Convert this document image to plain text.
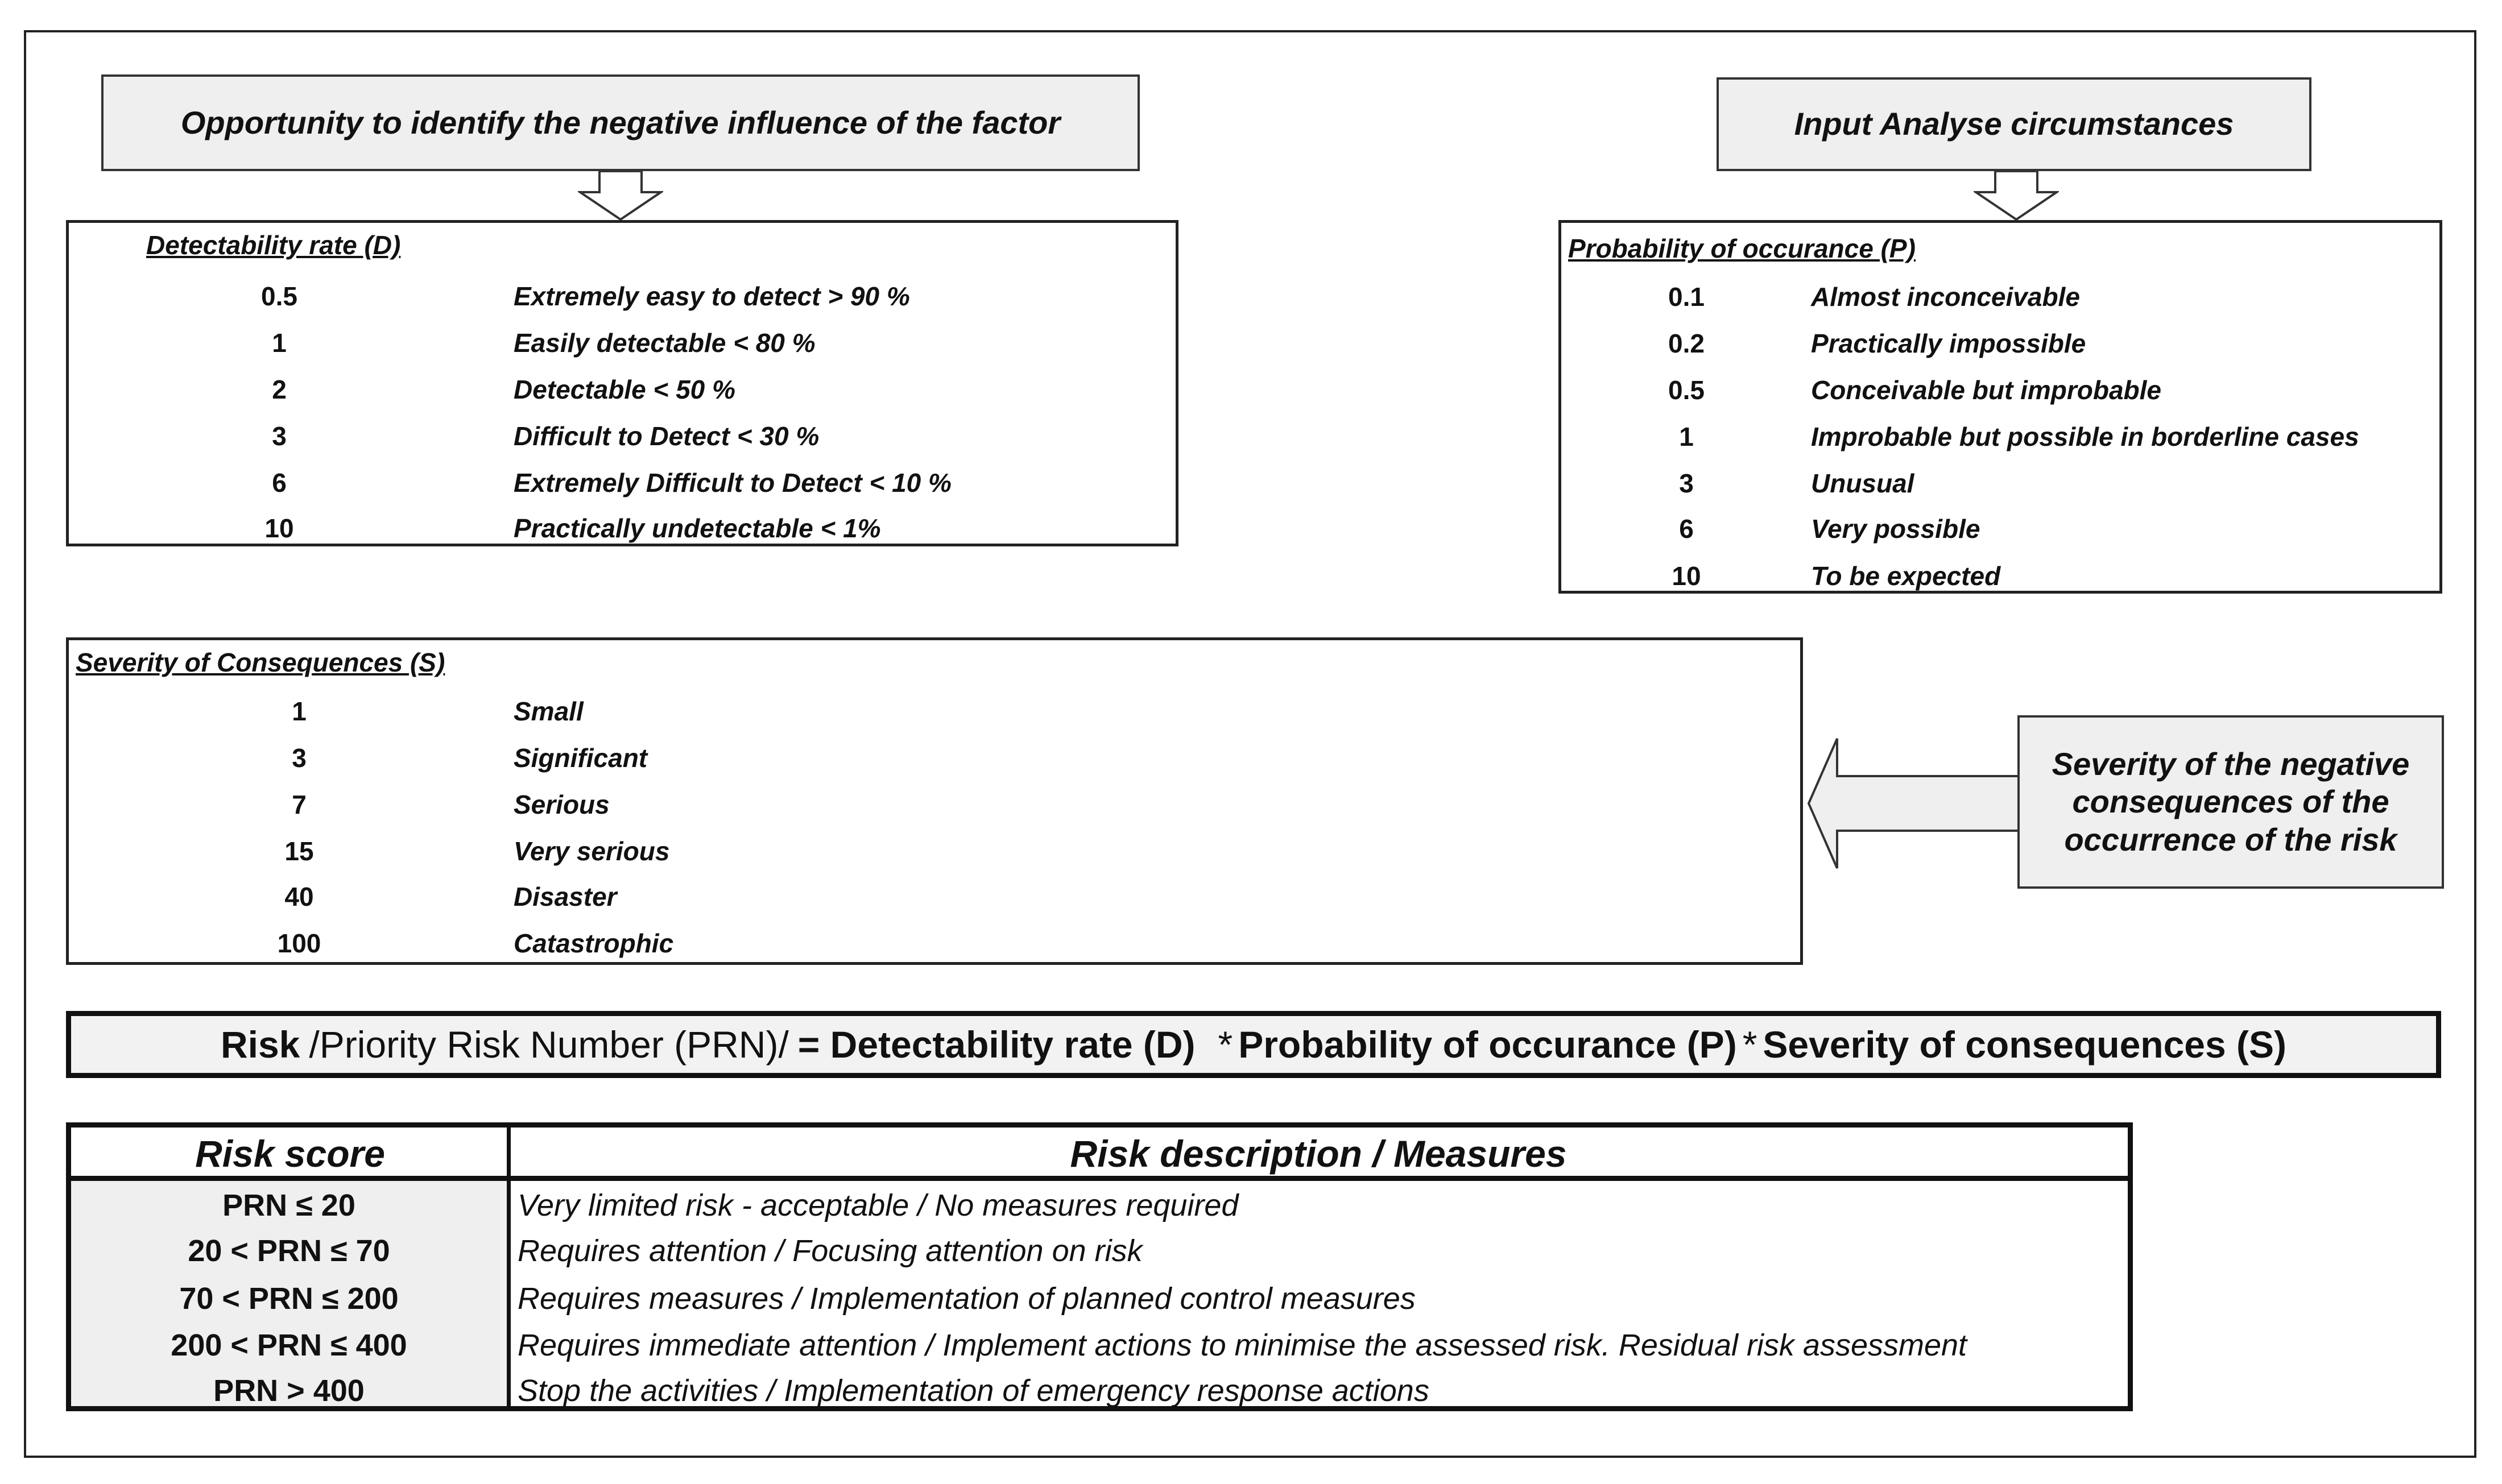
Opportunity to identify the negative influence of the factor	Input Analyse circumstances
Detectability rate (D)
0.5	Extremely easy to detect > 90 %
1	Easily detectable < 80 %
2	Detectable < 50 %
3	Difficult to Detect < 30 %
6	Extremely Difficult to Detect < 10 %
10	Practically undetectable < 1%
Probability of occurance (P)
0.1	Almost inconceivable
0.2	Practically impossible
0.5	Conceivable but improbable
1	Improbable but possible in borderline cases
3	Unusual
6	Very possible
10	To be expected
Severity of Consequences (S)
1	Small
3	Significant
7	Serious
15	Very serious
40	Disaster
100	Catastrophic
Severity of the negative consequences of the occurrence of the risk
Risk /Priority Risk Number (PRN)/ = Detectability rate (D) * Probability of occurance (P) * Severity of consequences (S)
Risk score	Risk description / Measures
PRN ≤ 20	Very limited risk - acceptable / No measures required
20 < PRN ≤ 70	Requires attention / Focusing attention on risk
70 < PRN ≤ 200	Requires measures / Implementation of planned control measures
200 < PRN ≤ 400	Requires immediate attention / Implement actions to minimise the assessed risk. Residual risk assessment
PRN > 400	Stop the activities / Implementation of emergency response actions
